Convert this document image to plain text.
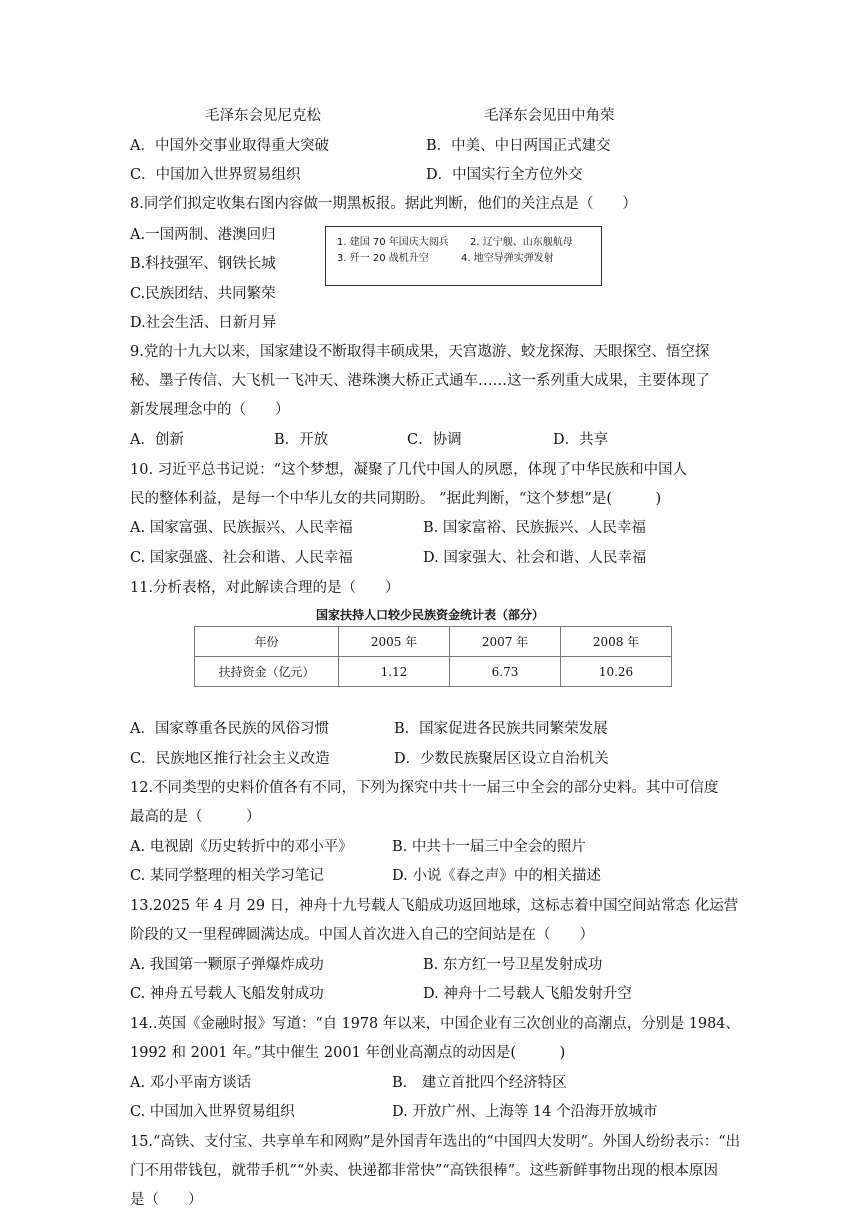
毛泽东会见尼克松	毛泽东会见田中角荣
A．中国外交事业取得重大突破	B．中美、中日两国正式建交
C．中国加入世界贸易组织	D．中国实行全方位外交
8.同学们拟定收集右图内容做一期黑板报。据此判断，他们的关注点是（　　）
A.一国两制、港澳回归
B.科技强军、钢铁长城
C.民族团结、共同繁荣
D.社会生活、日新月异
1. 建国 70 年国庆大阅兵 2. 辽宁舰、山东舰航母
3. 歼一 20 战机升空	4. 地空导弹实弹发射
9.党的十九大以来，国家建设不断取得丰硕成果，天宫遨游、蛟龙探海、天眼探空、悟空探
秘、墨子传信、大飞机一飞冲天、港珠澳大桥正式通车……这一系列重大成果，主要体现了
新发展理念中的（　　）
A．创新	B．开放	C．协调	D．共享
10. 习近平总书记说：“这个梦想，凝聚了几代中国人的夙愿，体现了中华民族和中国人
民的整体利益，是每一个中华儿女的共同期盼。 ”据此判断，“这个梦想”是(　　　)
A. 国家富强、民族振兴、人民幸福	B. 国家富裕、民族振兴、人民幸福
C. 国家强盛、社会和谐、人民幸福	D. 国家强大、社会和谐、人民幸福
11.分析表格，对此解读合理的是（　　）
国家扶持人口较少民族资金统计表（部分）
年份	2005 年	2007 年	2008 年
扶持资金（亿元）	1.12	6.73	10.26
A．国家尊重各民族的风俗习惯	B．国家促进各民族共同繁荣发展
C．民族地区推行社会主义改造	D．少数民族聚居区设立自治机关
12.不同类型的史料价值各有不同，下列为探究中共十一届三中全会的部分史料。其中可信度
最高的是（　　　）
A. 电视剧《历史转折中的邓小平》	B. 中共十一届三中全会的照片
C. 某同学整理的相关学习笔记	D. 小说《春之声》中的相关描述
13.2025 年 4 月 29 日，神舟十九号载人飞船成功返回地球，这标志着中国空间站常态 化运营
阶段的又一里程碑圆满达成。中国人首次进入自己的空间站是在（　　）
A. 我国第一颗原子弹爆炸成功	B. 东方红一号卫星发射成功
C. 神舟五号载人飞船发射成功	D. 神舟十二号载人飞船发射升空
14..英国《金融时报》写道：“自 1978 年以来，中国企业有三次创业的高潮点，分别是 1984、
1992 和 2001 年。”其中催生 2001 年创业高潮点的动因是(　　　)
A. 邓小平南方谈话	B.　建立首批四个经济特区
C. 中国加入世界贸易组织	D. 开放广州、上海等 14 个沿海开放城市
15.“高铁、支付宝、共享单车和网购”是外国青年选出的“中国四大发明”。外国人纷纷表示：“出
门不用带钱包，就带手机”“外卖、快递都非常快”“高铁很棒”。这些新鲜事物出现的根本原因
是（　　）
